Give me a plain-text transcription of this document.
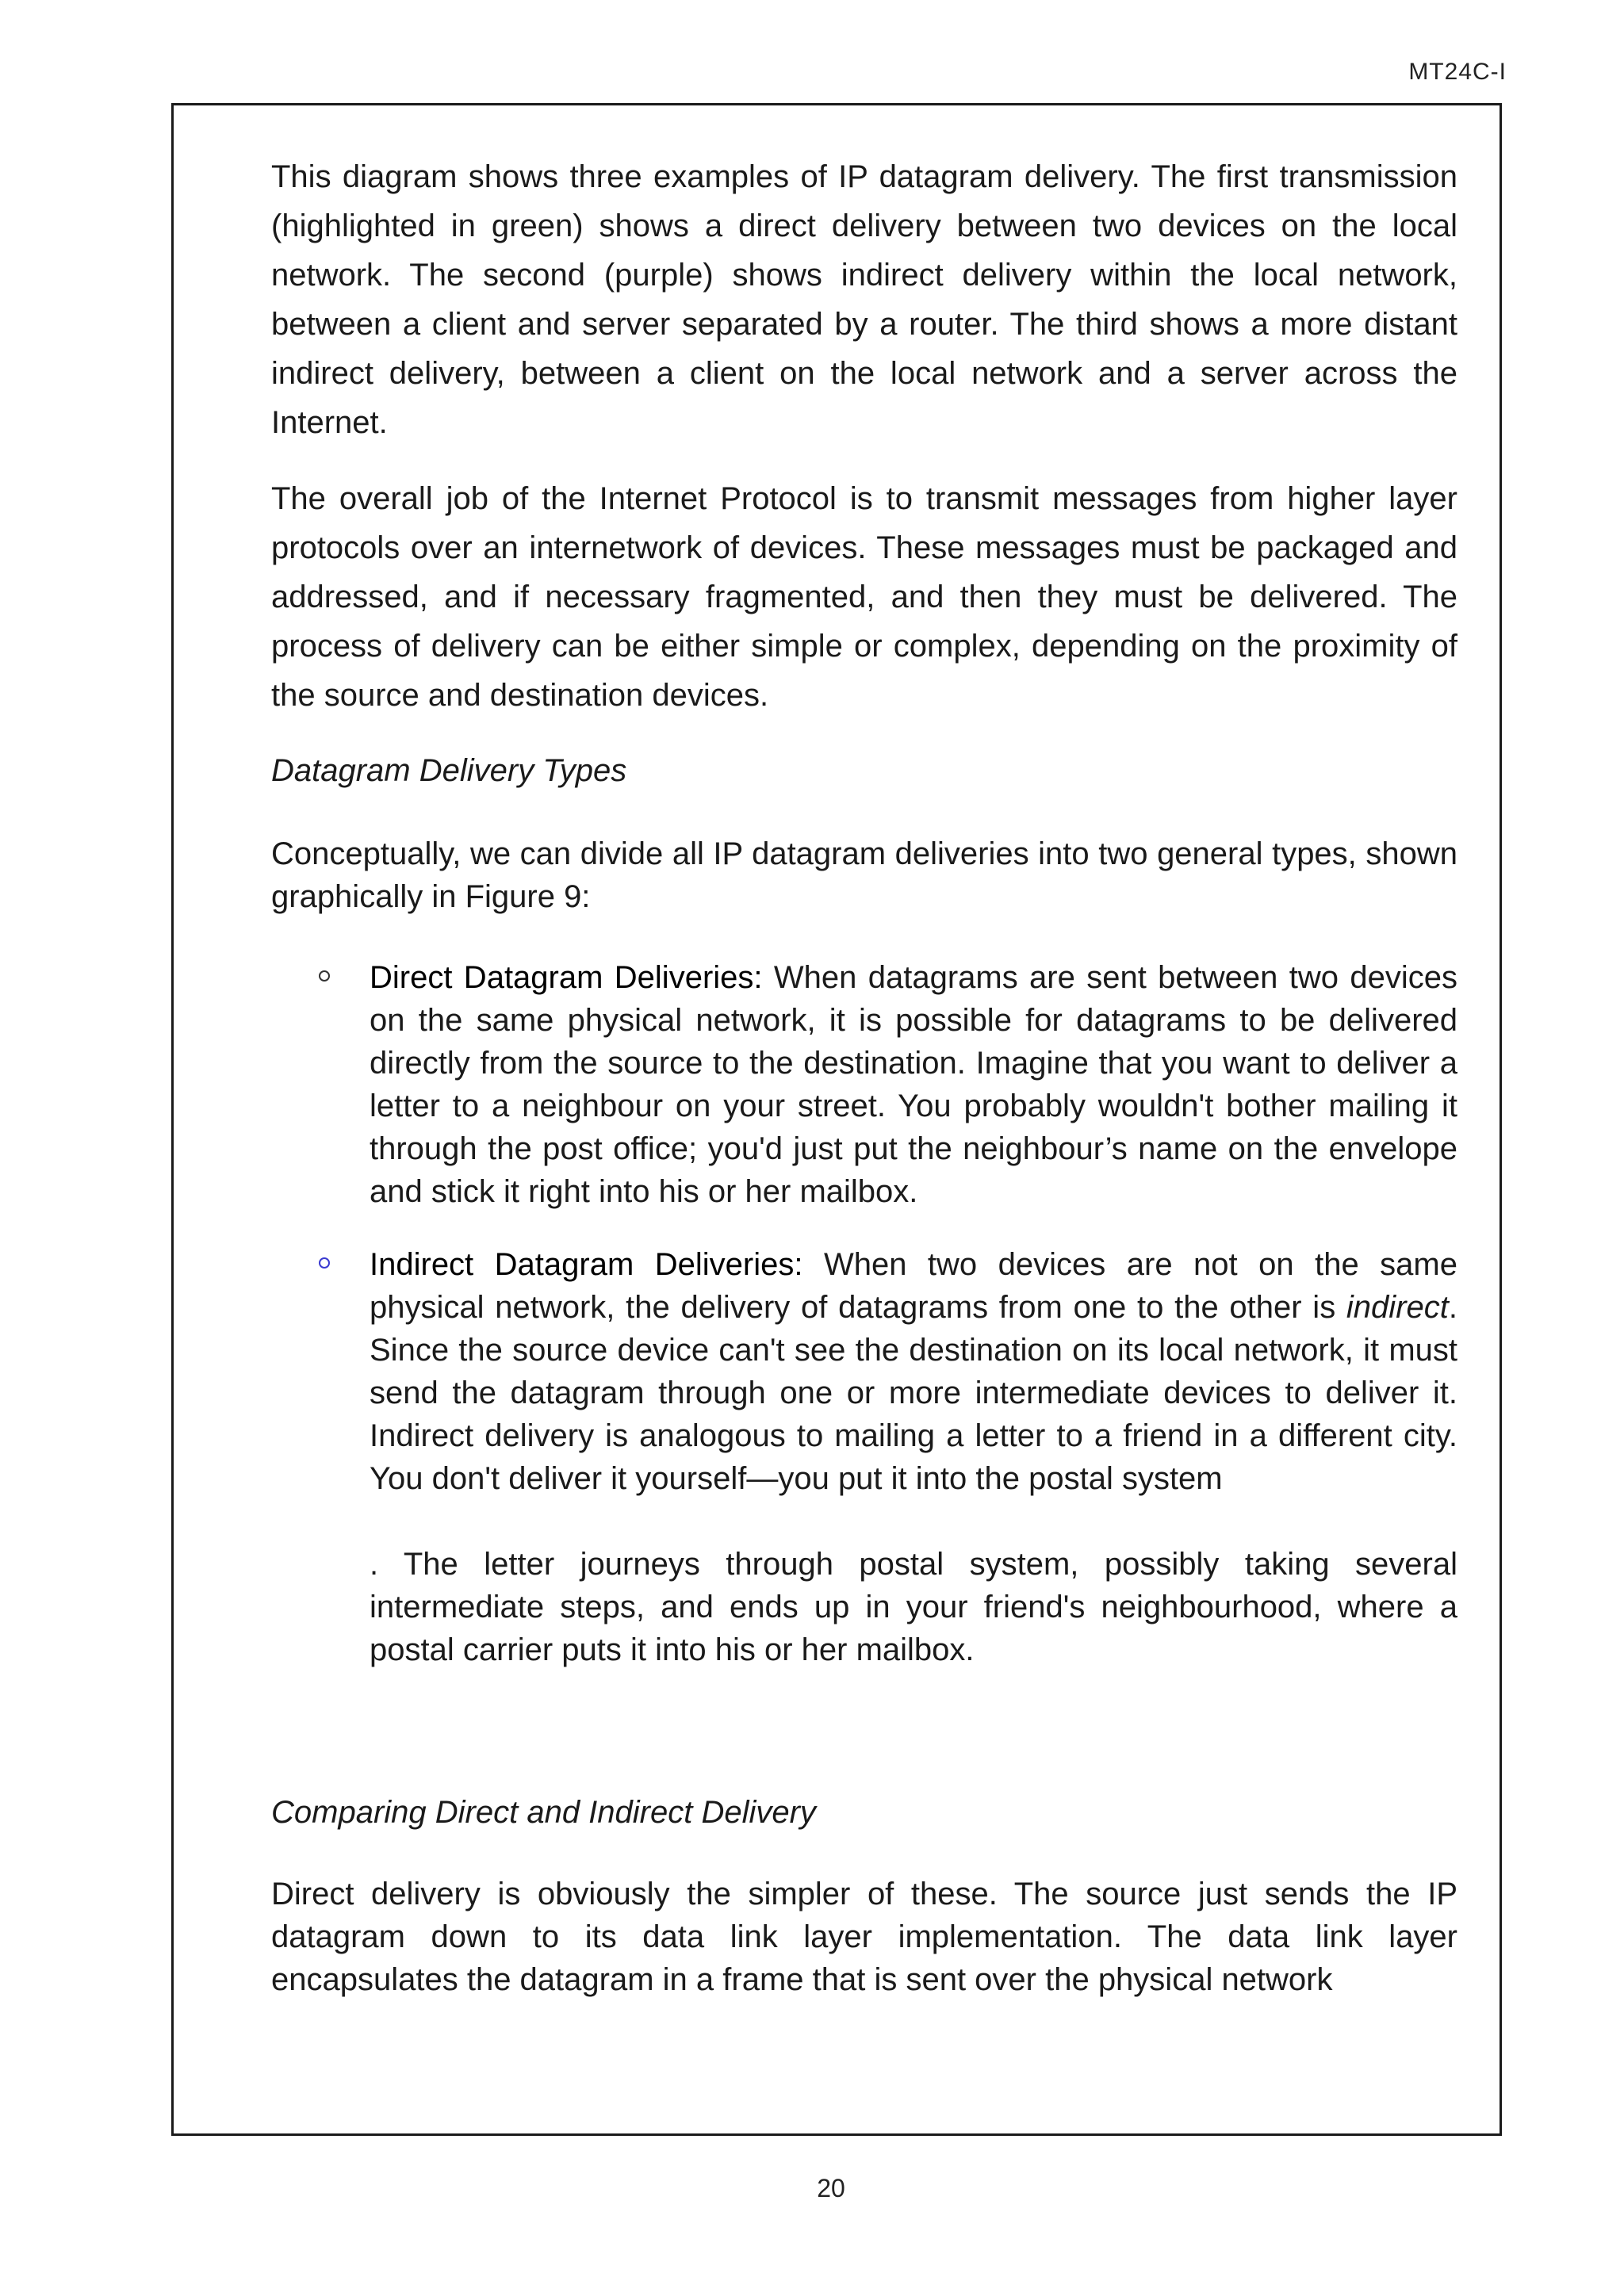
MT24C-I

This diagram shows three examples of IP datagram delivery. The first transmission (highlighted in green) shows a direct delivery between two devices on the local network. The second (purple) shows indirect delivery within the local network, between a client and server separated by a router. The third shows a more distant indirect delivery, between a client on the local network and a server across the Internet.

The overall job of the Internet Protocol is to transmit messages from higher layer protocols over an internetwork of devices. These messages must be packaged and addressed, and if necessary fragmented, and then they must be delivered. The process of delivery can be either simple or complex, depending on the proximity of the source and destination devices.

Datagram Delivery Types

Conceptually, we can divide all IP datagram deliveries into two general types, shown graphically in Figure 9:

Direct Datagram Deliveries: When datagrams are sent between two devices on the same physical network, it is possible for datagrams to be delivered directly from the source to the destination. Imagine that you want to deliver a letter to a neighbour on your street. You probably wouldn't bother mailing it through the post office; you'd just put the neighbour’s name on the envelope and stick it right into his or her mailbox.
Indirect Datagram Deliveries: When two devices are not on the same physical network, the delivery of datagrams from one to the other is indirect. Since the source device can't see the destination on its local network, it must send the datagram through one or more intermediate devices to deliver it. Indirect delivery is analogous to mailing a letter to a friend in a different city. You don't deliver it yourself—you put it into the postal system
. The letter journeys through postal system, possibly taking several intermediate steps, and ends up in your friend's neighbourhood, where a postal carrier puts it into his or her mailbox.
Comparing Direct and Indirect Delivery

Direct delivery is obviously the simpler of these. The source just sends the IP datagram down to its data link layer implementation. The data link layer encapsulates the datagram in a frame that is sent over the physical network

20
